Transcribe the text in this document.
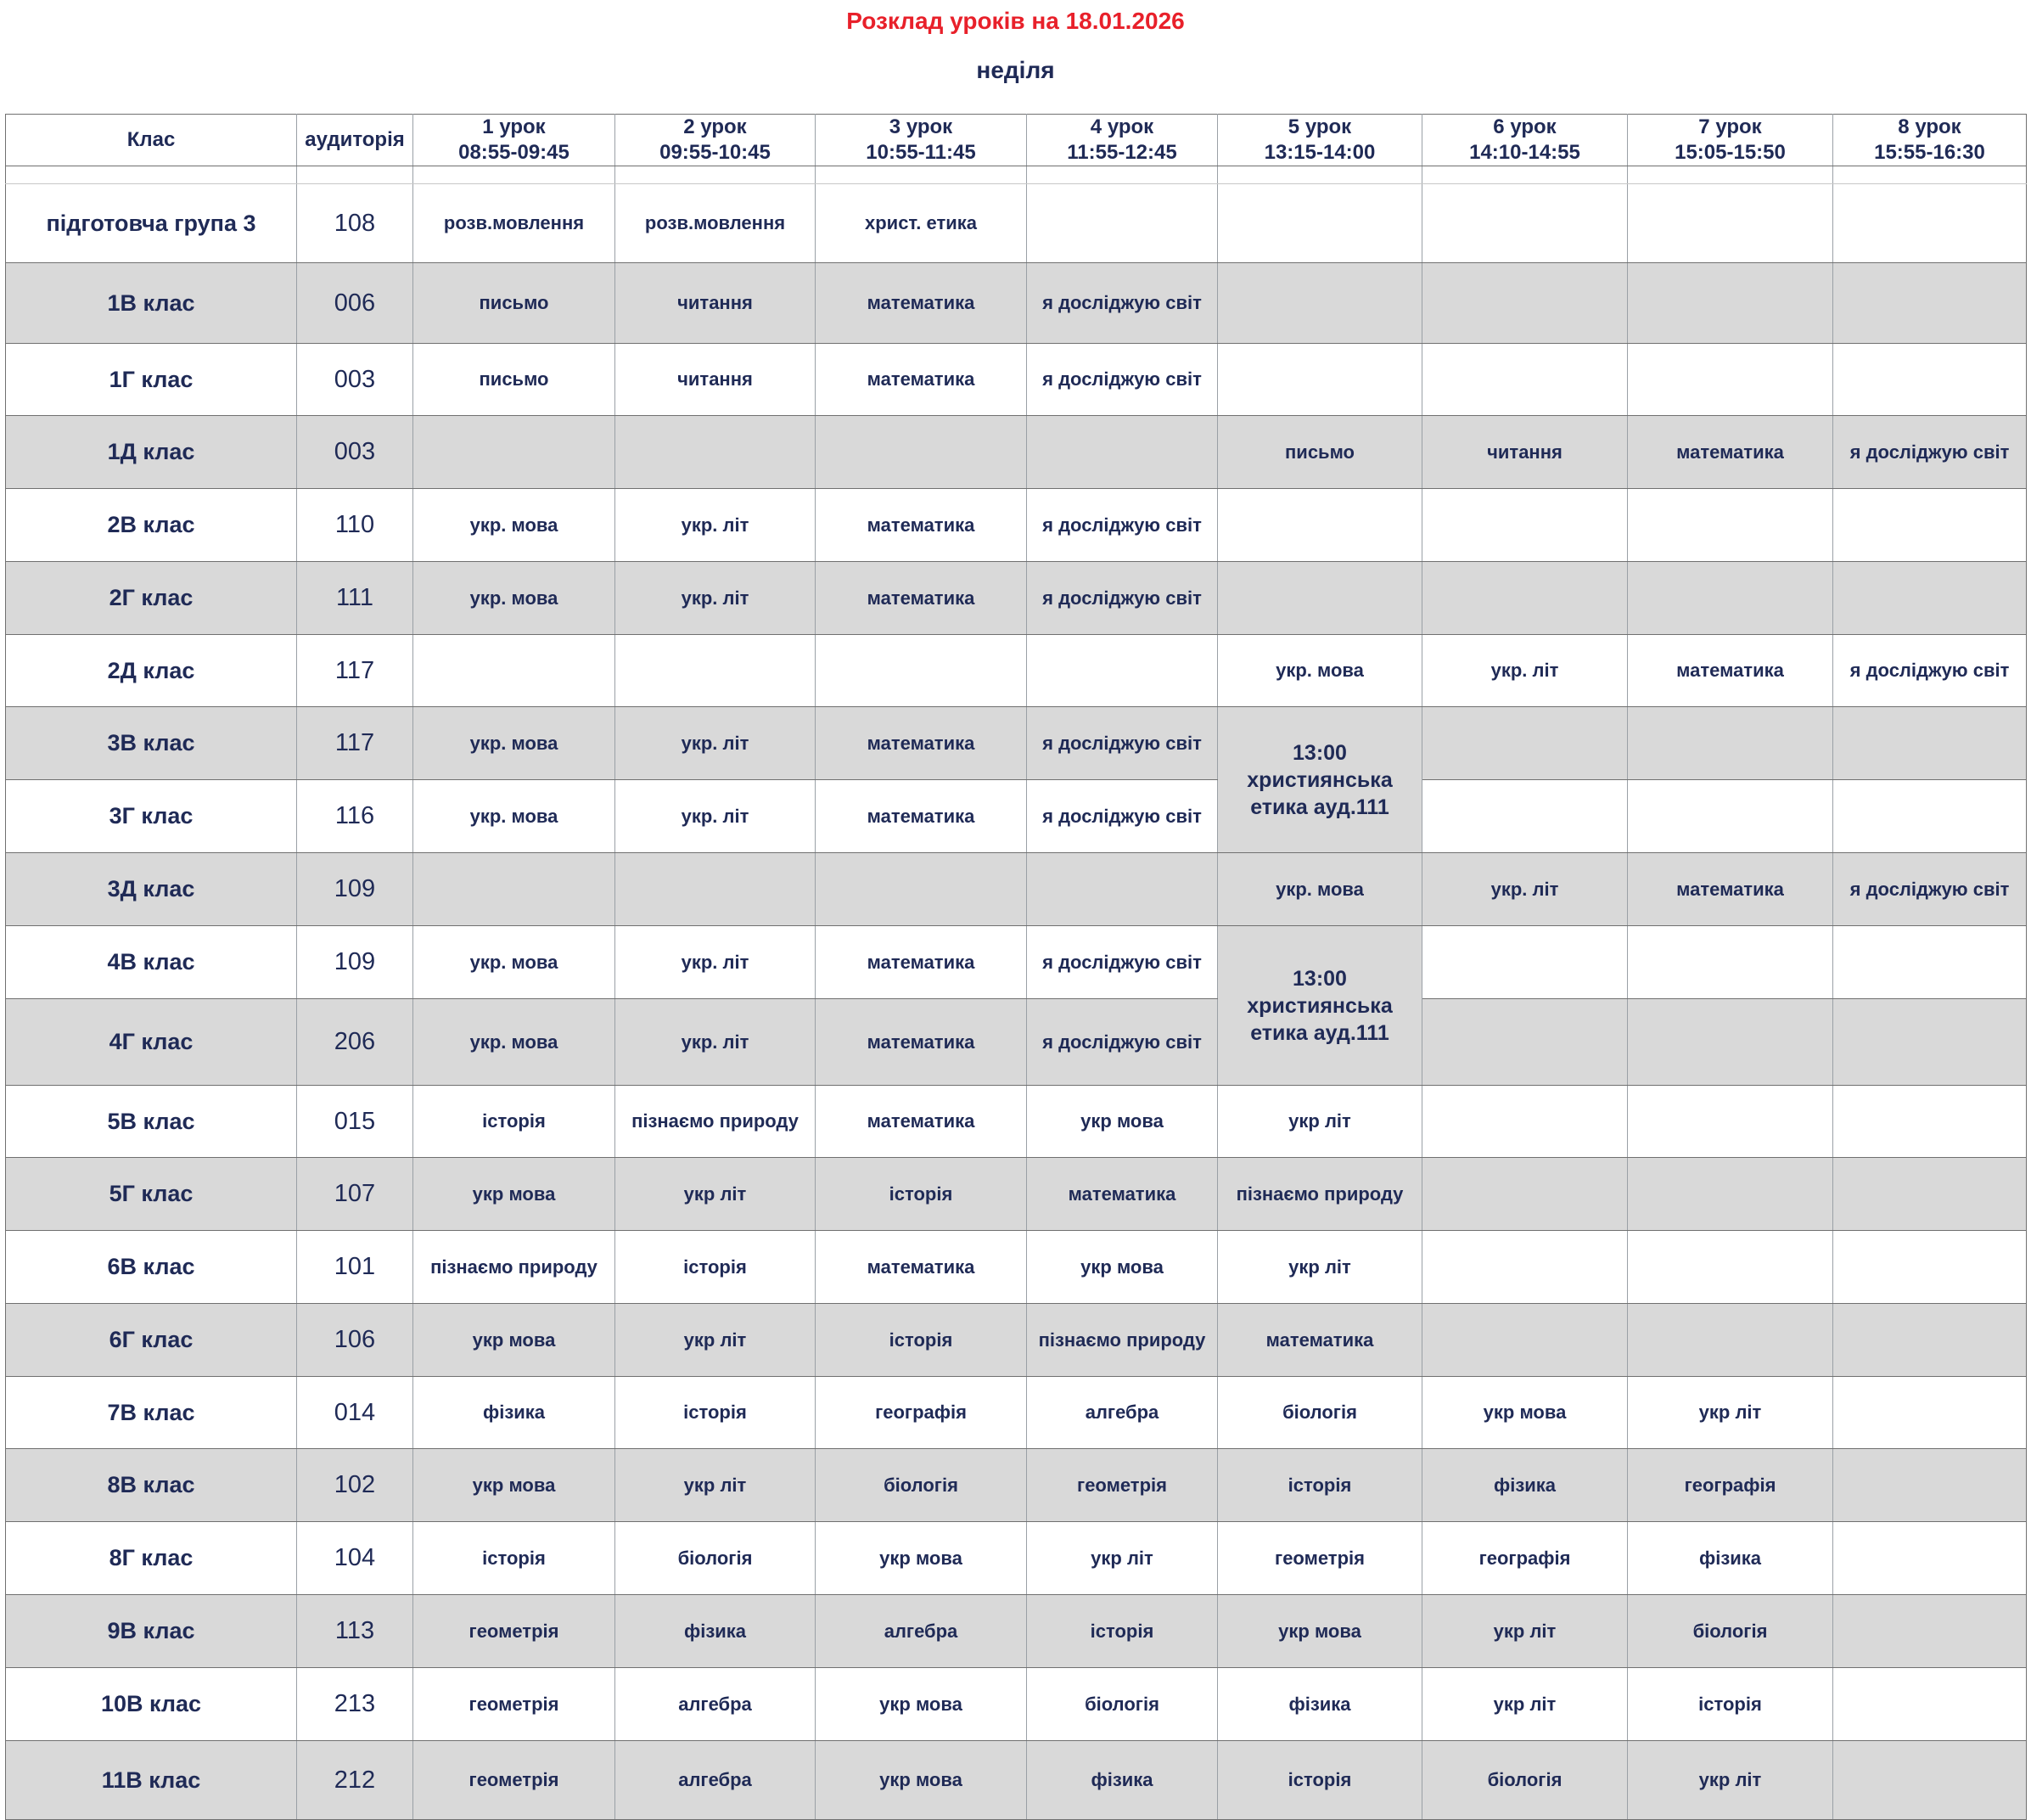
Розклад уроків на 18.01.2026
неділя
Клас	аудиторія	1 урок	2 урок	3 урок	4 урок	5 урок	6 урок	7 урок	8 урок
		08:55-09:45	09:55-10:45	10:55-11:45	11:55-12:45	13:15-14:00	14:10-14:55	15:05-15:50	15:55-16:30

підготовча група 3	108	розв.мовлення	розв.мовлення	христ. етика					
1В клас	006	письмо	читання	математика	я досліджую світ				
1Г клас	003	письмо	читання	математика	я досліджую світ				
1Д клас	003					письмо	читання	математика	я досліджую світ
2В клас	110	укр. мова	укр. літ	математика	я досліджую світ				
2Г клас	111	укр. мова	укр. літ	математика	я досліджую світ				
2Д клас	117					укр. мова	укр. літ	математика	я досліджую світ
3В клас	117	укр. мова	укр. літ	математика	я досліджую світ	13:00 християнська етика ауд.111			
3Г клас	116	укр. мова	укр. літ	математика	я досліджую світ				
3Д клас	109					укр. мова	укр. літ	математика	я досліджую світ
4В клас	109	укр. мова	укр. літ	математика	я досліджую світ	13:00 християнська етика ауд.111			
4Г клас	206	укр. мова	укр. літ	математика	я досліджую світ				
5В клас	015	історія	пізнаємо природу	математика	укр мова	укр літ			
5Г клас	107	укр мова	укр літ	історія	математика	пізнаємо природу			
6В клас	101	пізнаємо природу	історія	математика	укр мова	укр літ			
6Г клас	106	укр мова	укр літ	історія	пізнаємо природу	математика			
7В клас	014	фізика	історія	географія	алгебра	біологія	укр мова	укр літ	
8В клас	102	укр мова	укр літ	біологія	геометрія	історія	фізика	географія	
8Г клас	104	історія	біологія	укр мова	укр літ	геометрія	географія	фізика	
9В клас	113	геометрія	фізика	алгебра	історія	укр мова	укр літ	біологія	
10В клас	213	геометрія	алгебра	укр мова	біологія	фізика	укр літ	історія	
11В клас	212	геометрія	алгебра	укр мова	фізика	історія	біологія	укр літ	
